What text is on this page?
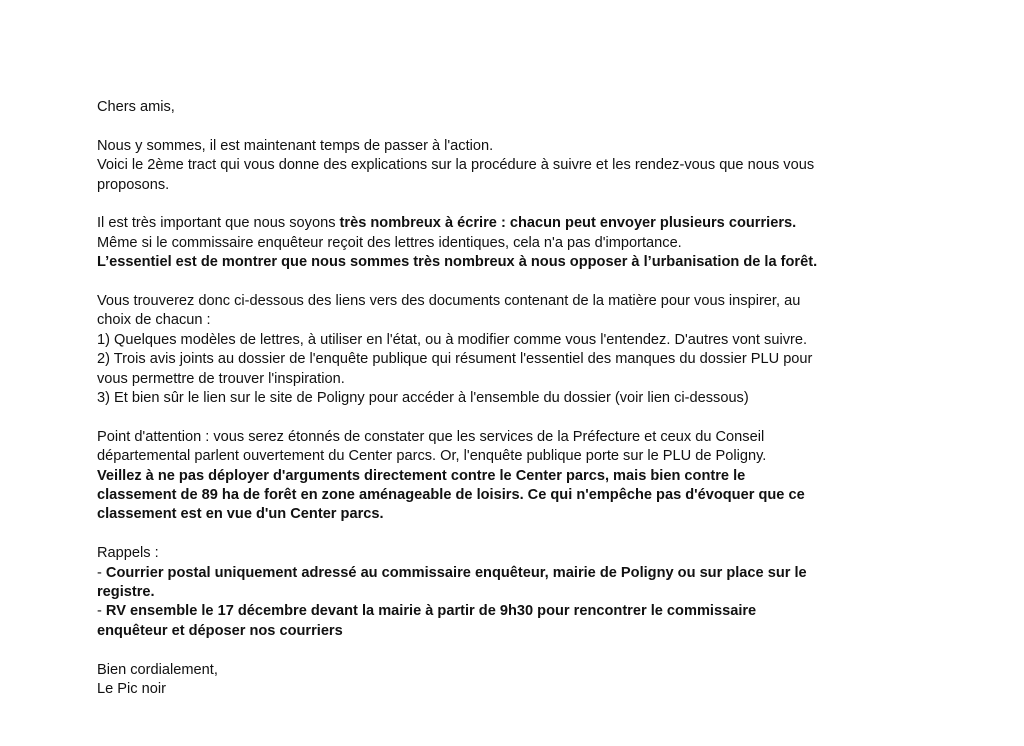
Chers amis,

Nous y sommes, il est maintenant temps de passer à l'action.
Voici le 2ème tract qui vous donne des explications sur la procédure à suivre et les rendez-vous que nous vous
proposons.

Il est très important que nous soyons très nombreux à écrire : chacun peut envoyer plusieurs courriers.
Même si le commissaire enquêteur reçoit des lettres identiques, cela n'a pas d'importance.
L’essentiel est de montrer que nous sommes très nombreux à nous opposer à l’urbanisation de la forêt.

Vous trouverez donc ci-dessous des liens vers des documents contenant de la matière pour vous inspirer, au
choix de chacun :
1) Quelques modèles de lettres, à utiliser en l'état, ou à modifier comme vous l'entendez. D'autres vont suivre.
2) Trois avis joints au dossier de l'enquête publique qui résument l'essentiel des manques du dossier PLU pour
vous permettre de trouver l'inspiration.
3) Et bien sûr le lien sur le site de Poligny pour accéder à l'ensemble du dossier (voir lien ci-dessous)

Point d'attention : vous serez étonnés de constater que les services de la Préfecture et ceux du Conseil
départemental parlent ouvertement du Center parcs. Or, l'enquête publique porte sur le PLU de Poligny.
Veillez à ne pas déployer d'arguments directement contre le Center parcs, mais bien contre le
classement de 89 ha de forêt en zone aménageable de loisirs. Ce qui n'empêche pas d'évoquer que ce
classement est en vue d'un Center parcs.

Rappels :
- Courrier postal uniquement adressé au commissaire enquêteur, mairie de Poligny ou sur place sur le
registre.
- RV ensemble le 17 décembre devant la mairie à partir de 9h30 pour rencontrer le commissaire
enquêteur et déposer nos courriers

Bien cordialement,
Le Pic noir
